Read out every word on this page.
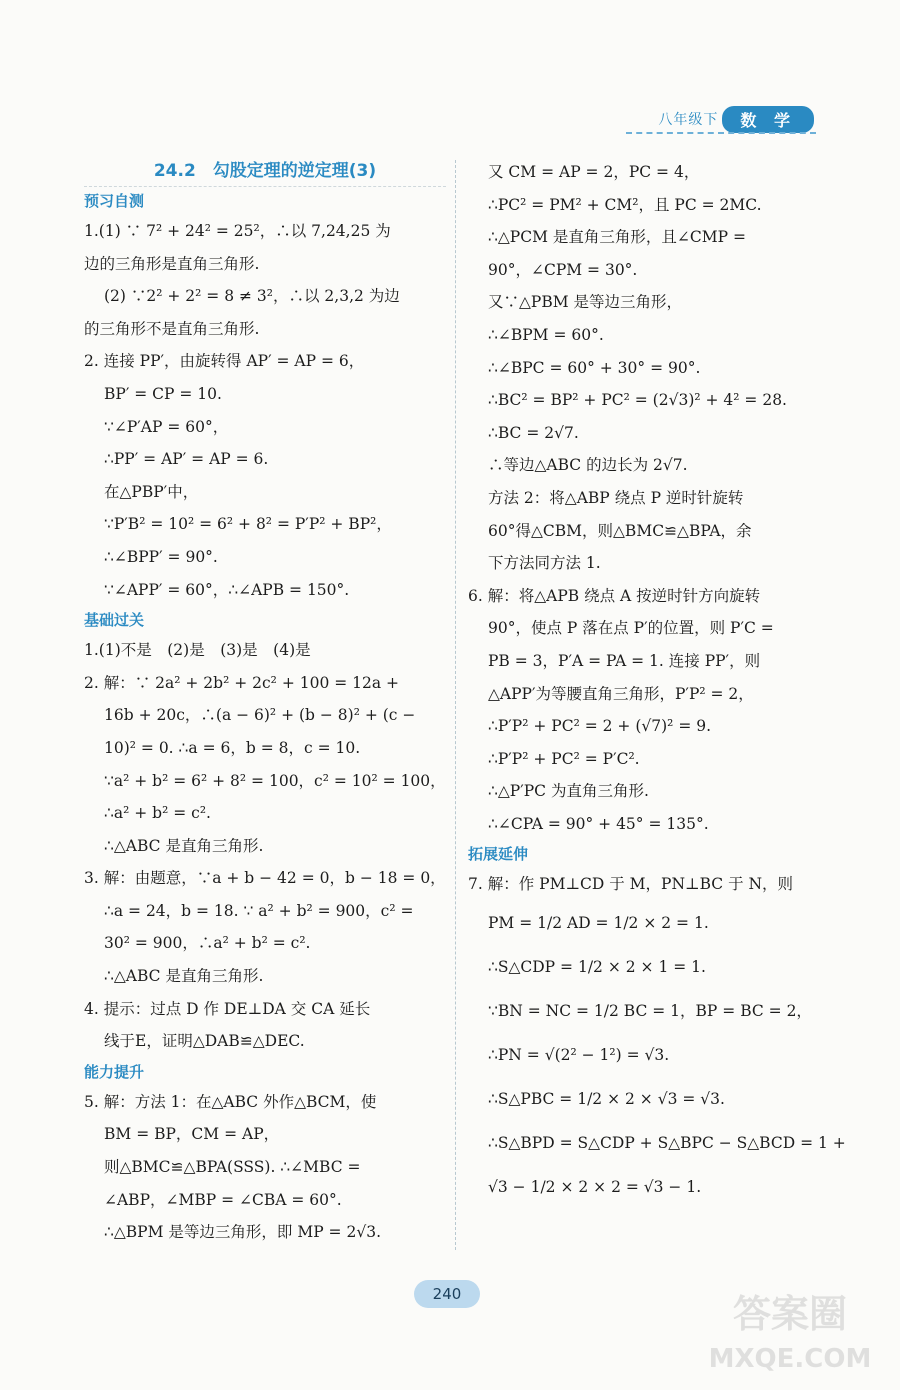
八年级下	数 学
24.2　勾股定理的逆定理(3)
预习自测
1.(1) ∵ 7² + 24² = 25²，∴以 7,24,25 为
边的三角形是直角三角形.
(2) ∵2² + 2² = 8 ≠ 3²，∴以 2,3,2 为边
的三角形不是直角三角形.
2. 连接 PP′，由旋转得 AP′ = AP = 6，
BP′ = CP = 10.
∵∠P′AP = 60°，
∴PP′ = AP′ = AP = 6.
在△PBP′中，
∵P′B² = 10² = 6² + 8² = P′P² + BP²，
∴∠BPP′ = 90°.
∵∠APP′ = 60°，∴∠APB = 150°.
基础过关
1.(1)不是　(2)是　(3)是　(4)是
2. 解：∵ 2a² + 2b² + 2c² + 100 = 12a +
16b + 20c，∴(a − 6)² + (b − 8)² + (c −
10)² = 0. ∴a = 6，b = 8，c = 10.
∵a² + b² = 6² + 8² = 100，c² = 10² = 100，
∴a² + b² = c².
∴△ABC 是直角三角形.
3. 解：由题意，∵a + b − 42 = 0，b − 18 = 0，
∴a = 24，b = 18. ∵ a² + b² = 900，c² =
30² = 900，∴a² + b² = c².
∴△ABC 是直角三角形.
4. 提示：过点 D 作 DE⊥DA 交 CA 延长
线于E，证明△DAB≌△DEC.
能力提升
5. 解：方法 1：在△ABC 外作△BCM，使
BM = BP，CM = AP，
则△BMC≌△BPA(SSS). ∴∠MBC =
∠ABP，∠MBP = ∠CBA = 60°.
∴△BPM 是等边三角形，即 MP = 2√3.
又 CM = AP = 2，PC = 4，
∴PC² = PM² + CM²，且 PC = 2MC.
∴△PCM 是直角三角形，且∠CMP =
90°，∠CPM = 30°.
又∵△PBM 是等边三角形，
∴∠BPM = 60°.
∴∠BPC = 60° + 30° = 90°.
∴BC² = BP² + PC² = (2√3)² + 4² = 28.
∴BC = 2√7.
∴等边△ABC 的边长为 2√7.
方法 2：将△ABP 绕点 P 逆时针旋转
60°得△CBM，则△BMC≌△BPA，余
下方法同方法 1.
6. 解：将△APB 绕点 A 按逆时针方向旋转
90°，使点 P 落在点 P′的位置，则 P′C =
PB = 3，P′A = PA = 1. 连接 PP′，则
△APP′为等腰直角三角形，P′P² = 2，
∴P′P² + PC² = 2 + (√7)² = 9.
∴P′P² + PC² = P′C².
∴△P′PC 为直角三角形.
∴∠CPA = 90° + 45° = 135°.
拓展延伸
7. 解：作 PM⊥CD 于 M，PN⊥BC 于 N，则
PM = 1/2 AD = 1/2 × 2 = 1.
∴S△CDP = 1/2 × 2 × 1 = 1.
∵BN = NC = 1/2 BC = 1，BP = BC = 2，
∴PN = √(2² − 1²) = √3.
∴S△PBC = 1/2 × 2 × √3 = √3.
∴S△BPD = S△CDP + S△BPC − S△BCD = 1 +
√3 − 1/2 × 2 × 2 = √3 − 1.
240	答案圈
MXQE.COM
